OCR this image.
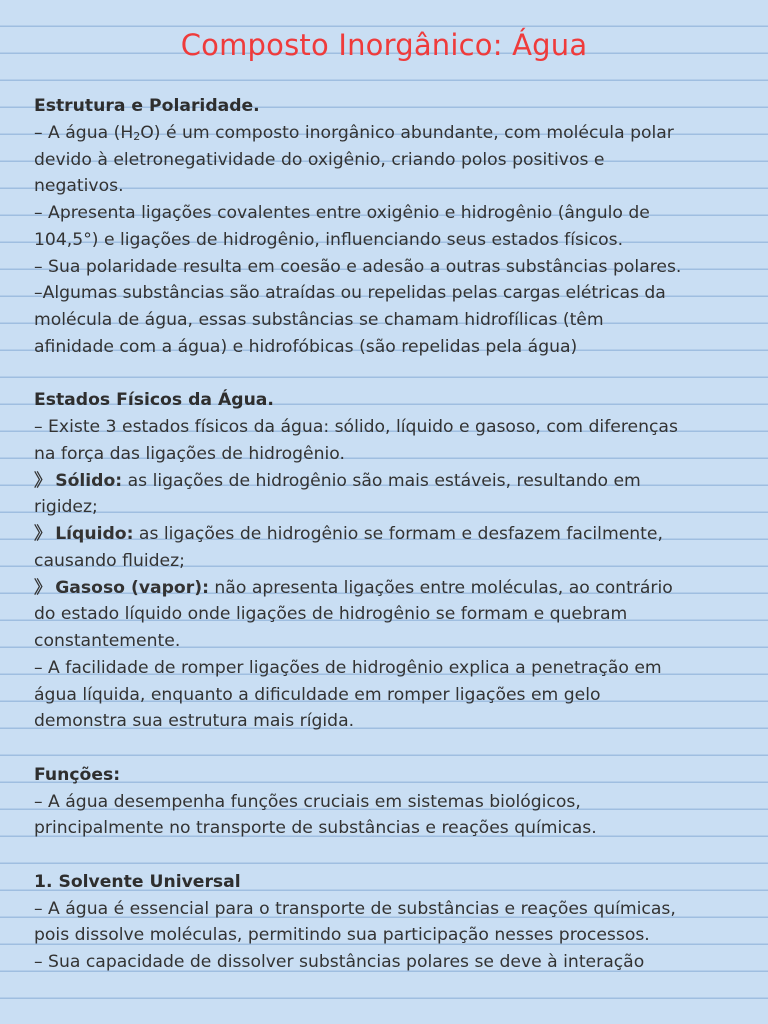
Composto Inorgânico: Água
Estrutura e Polaridade.
– A água $(H_2O)$ é um composto inorgânico abundante, com molécula polar
devido à eletronegatividade do oxigênio, criando polos positivos e
negativos.
– Apresenta ligações covalentes entre oxigênio e hidrogênio (ângulo de
104,5°) e ligações de hidrogênio, influenciando seus estados físicos.
– Sua polaridade resulta em coesão e adesão a outras substâncias polares.
–Algumas substâncias são atraídas ou repelidas pelas cargas elétricas da
molécula de água, essas substâncias se chamam hidrofílicas (têm
afinidade com a água) e hidrofóbicas (são repelidas pela água)
Estados Físicos da Água.
– Existe 3 estados físicos da água: sólido, líquido e gasoso, com diferenças
na força das ligações de hidrogênio.
》 Sólido: as ligações de hidrogênio são mais estáveis, resultando em
rigidez;
》 Líquido: as ligações de hidrogênio se formam e desfazem facilmente,
causando fluidez;
》 Gasoso (vapor): não apresenta ligações entre moléculas, ao contrário
do estado líquido onde ligações de hidrogênio se formam e quebram
constantemente.
– A facilidade de romper ligações de hidrogênio explica a penetração em
água líquida, enquanto a dificuldade em romper ligações em gelo
demonstra sua estrutura mais rígida.
Funções:
– A água desempenha funções cruciais em sistemas biológicos,
principalmente no transporte de substâncias e reações químicas.
1. Solvente Universal
– A água é essencial para o transporte de substâncias e reações químicas,
pois dissolve moléculas, permitindo sua participação nesses processos.
– Sua capacidade de dissolver substâncias polares se deve à interação
